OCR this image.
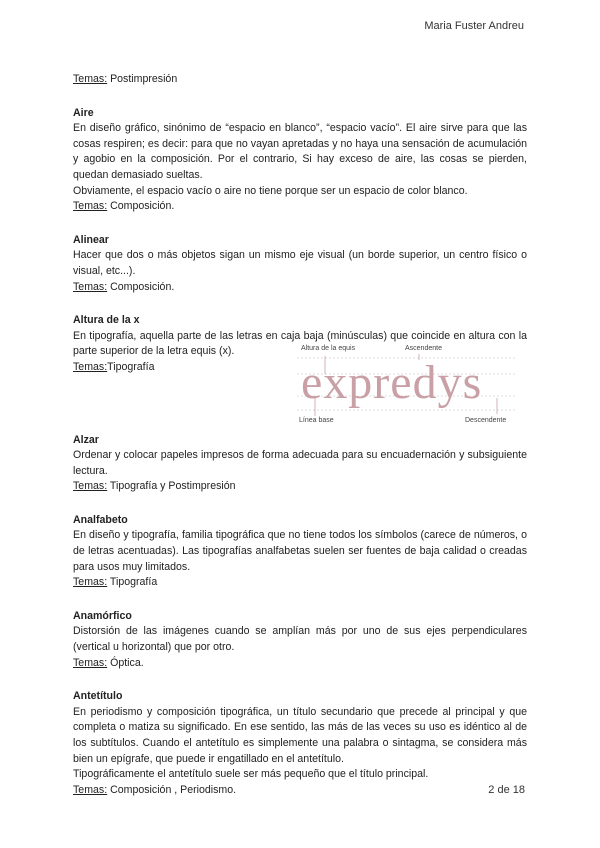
Maria Fuster Andreu

Temas: Postimpresión

Aire

En diseño gráfico, sinónimo de “espacio en blanco”, “espacio vacío”. El aire sirve para que las cosas respiren; es decir: para que no vayan apretadas y no haya una sensación de acumulación y agobio en la composición. Por el contrario, Si hay exceso de aire, las cosas se pierden, quedan demasiado sueltas.

Obviamente, el espacio vacío o aire no tiene porque ser un espacio de color blanco.

Temas: Composición.

Alinear

Hacer que dos o más objetos sigan un mismo eje visual (un borde superior, un centro físico o visual, etc...).

Temas: Composición.

Altura de la x

En tipografía, aquella parte de las letras en caja baja (minúsculas) que coincide en altura con la parte superior de la letra equis (x).

Temas:Tipografía

Alzar

Ordenar y colocar papeles impresos de forma adecuada para su encuadernación y subsiguiente lectura.

Temas: Tipografía y Postimpresión

Analfabeto

En diseño y tipografía, familia tipográfica que no tiene todos los símbolos (carece de números, o de letras acentuadas). Las tipografías analfabetas suelen ser fuentes de baja calidad o creadas para usos muy limitados.

Temas: Tipografía

Anamórfico

Distorsión de las imágenes cuando se amplían más por uno de sus ejes perpendiculares (vertical u horizontal) que por otro.

Temas: Óptica.

Antetítulo

En periodismo y composición tipográfica, un título secundario que precede al principal y que completa o matiza su significado. En ese sentido, las más de las veces su uso es idéntico al de los subtítulos. Cuando el antetítulo es simplemente una palabra o sintagma, se considera más bien un epígrafe, que puede ir engatillado en el antetítulo.

Tipográficamente el antetítulo suele ser más pequeño que el título principal.

Temas: Composición , Periodismo.

expredys
Altura de la equis	Ascendente
Línea base	Descendente
2 de 18
